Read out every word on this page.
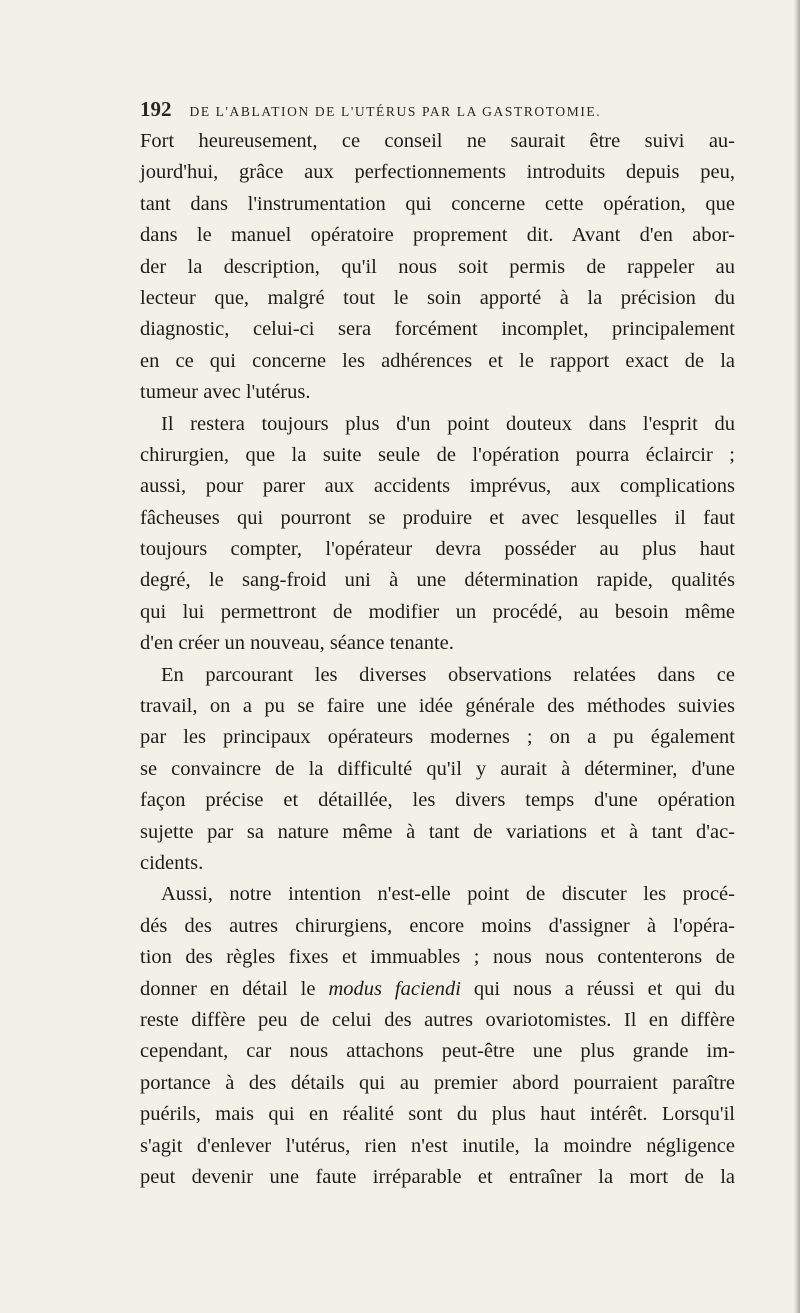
192 DE L'ABLATION DE L'UTÉRUS PAR LA GASTROTOMIE.
Fort heureusement, ce conseil ne saurait être suivi au-
jourd'hui, grâce aux perfectionnements introduits depuis peu,
tant dans l'instrumentation qui concerne cette opération, que
dans le manuel opératoire proprement dit. Avant d'en abor-
der la description, qu'il nous soit permis de rappeler au
lecteur que, malgré tout le soin apporté à la précision du
diagnostic, celui-ci sera forcément incomplet, principalement
en ce qui concerne les adhérences et le rapport exact de la
tumeur avec l'utérus.
Il restera toujours plus d'un point douteux dans l'esprit du
chirurgien, que la suite seule de l'opération pourra éclaircir ;
aussi, pour parer aux accidents imprévus, aux complications
fâcheuses qui pourront se produire et avec lesquelles il faut
toujours compter, l'opérateur devra posséder au plus haut
degré, le sang-froid uni à une détermination rapide, qualités
qui lui permettront de modifier un procédé, au besoin même
d'en créer un nouveau, séance tenante.
En parcourant les diverses observations relatées dans ce
travail, on a pu se faire une idée générale des méthodes suivies
par les principaux opérateurs modernes ; on a pu également
se convaincre de la difficulté qu'il y aurait à déterminer, d'une
façon précise et détaillée, les divers temps d'une opération
sujette par sa nature même à tant de variations et à tant d'ac-
cidents.
Aussi, notre intention n'est-elle point de discuter les procé-
dés des autres chirurgiens, encore moins d'assigner à l'opéra-
tion des règles fixes et immuables ; nous nous contenterons de
donner en détail le modus faciendi qui nous a réussi et qui du
reste diffère peu de celui des autres ovariotomistes. Il en diffère
cependant, car nous attachons peut-être une plus grande im-
portance à des détails qui au premier abord pourraient paraître
puérils, mais qui en réalité sont du plus haut intérêt. Lorsqu'il
s'agit d'enlever l'utérus, rien n'est inutile, la moindre négligence
peut devenir une faute irréparable et entraîner la mort de la
